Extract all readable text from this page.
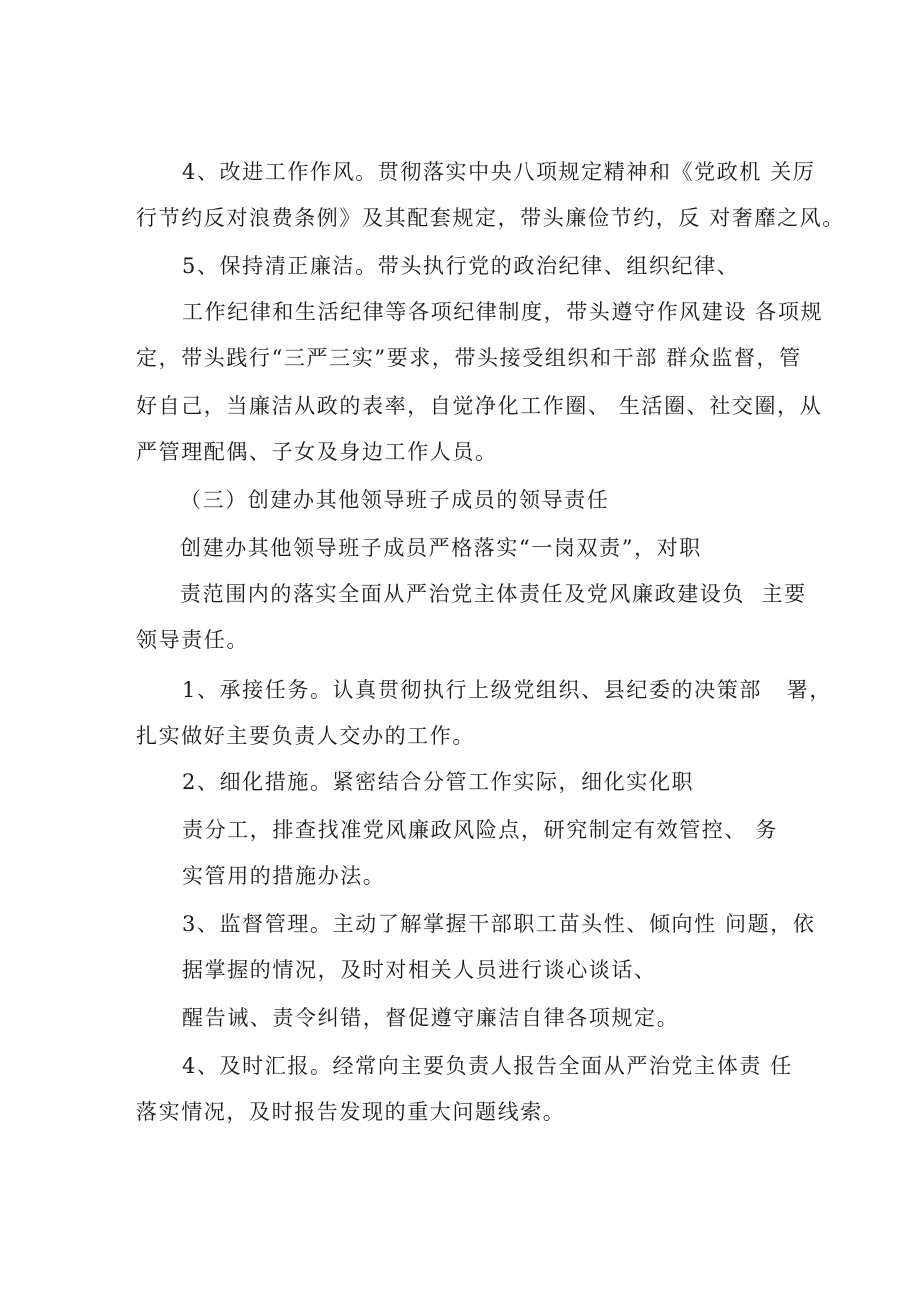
4、改进工作作风。贯彻落实中央八项规定精神和《党政机 关厉
行节约反对浪费条例》及其配套规定，带头廉俭节约，反 对奢靡之风。
5、保持清正廉洁。带头执行党的政治纪律、组织纪律、
工作纪律和生活纪律等各项纪律制度，带头遵守作风建设 各项规
定，带头践行“三严三实”要求，带头接受组织和干部 群众监督，管
好自己，当廉洁从政的表率，自觉净化工作圈、 生活圈、社交圈，从
严管理配偶、子女及身边工作人员。
（三）创建办其他领导班子成员的领导责任
创建办其他领导班子成员严格落实“一岗双责”，对职
责范围内的落实全面从严治党主体责任及党风廉政建设负  主要
领导责任。
1、承接任务。认真贯彻执行上级党组织、县纪委的决策部   署，
扎实做好主要负责人交办的工作。
2、细化措施。紧密结合分管工作实际，细化实化职
责分工，排查找准党风廉政风险点，研究制定有效管控、 务
实管用的措施办法。
3、监督管理。主动了解掌握干部职工苗头性、倾向性 问题，依
据掌握的情况，及时对相关人员进行谈心谈话、
醒告诫、责令纠错，督促遵守廉洁自律各项规定。
4、及时汇报。经常向主要负责人报告全面从严治党主体责 任
落实情况，及时报告发现的重大问题线索。
